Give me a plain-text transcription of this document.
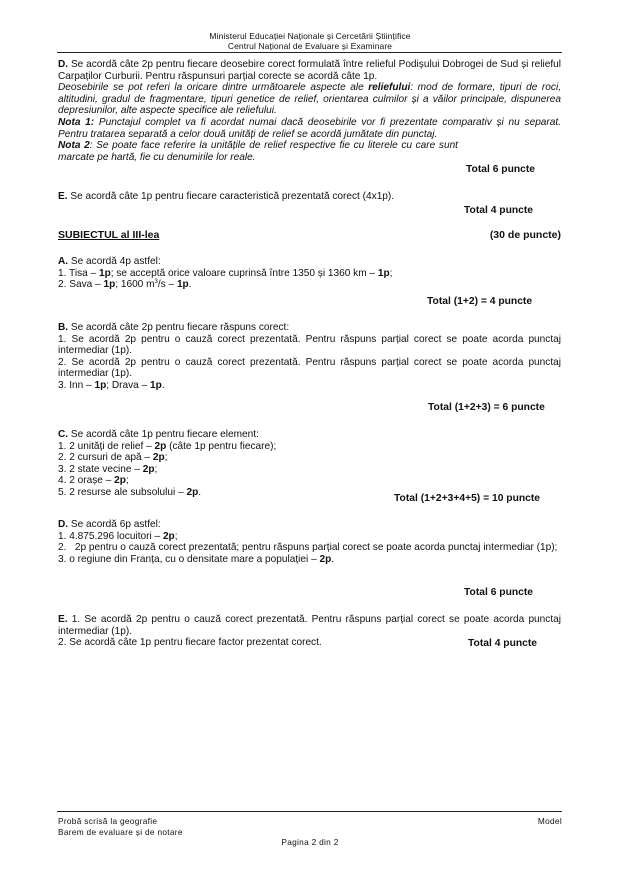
Ministerul Educației Naționale și Cercetării Științifice
Centrul Național de Evaluare și Examinare
D. Se acordă câte 2p pentru fiecare deosebire corect formulată între relieful Podișului Dobrogei de Sud și relieful Carpaților Curburii. Pentru răspunsuri parțial corecte se acordă câte 1p.
Deosebirile se pot referi la oricare dintre următoarele aspecte ale reliefului: mod de formare, tipuri de roci, altitudini, gradul de fragmentare, tipuri genetice de relief, orientarea culmilor și a văilor principale, dispunerea depresiunilor, alte aspecte specifice ale reliefului.
Nota 1: Punctajul complet va fi acordat numai dacă deosebirile vor fi prezentate comparativ și nu separat. Pentru tratarea separată a celor două unități de relief se acordă jumătate din punctaj.
Nota 2: Se poate face referire la unitățile de relief respective fie cu literele cu care sunt marcate pe hartă, fie cu denumirile lor reale.
Total 6 puncte
E. Se acordă câte 1p pentru fiecare caracteristică prezentată corect (4x1p).
Total 4 puncte
SUBIECTUL al III-lea	(30 de puncte)
A. Se acordă 4p astfel:
1. Tisa – 1p; se acceptă orice valoare cuprinsă între 1350 și 1360 km – 1p;
2. Sava – 1p; 1600 $m^3/s - 1p$.
Total (1+2) = 4 puncte
B. Se acordă câte 2p pentru fiecare răspuns corect:
1. Se acordă 2p pentru o cauză corect prezentată. Pentru răspuns parțial corect se poate acorda punctaj intermediar (1p).
2. Se acordă 2p pentru o cauză corect prezentată. Pentru răspuns parțial corect se poate acorda punctaj intermediar (1p).
3. Inn – 1p; Drava – 1p.
Total (1+2+3) = 6 puncte
C. Se acordă câte 1p pentru fiecare element:
1. 2 unități de relief – 2p (câte 1p pentru fiecare);
2. 2 cursuri de apă – 2p;
3. 2 state vecine – 2p;
4. 2 orașe – 2p;
5. 2 resurse ale subsolului – 2p.
Total (1+2+3+4+5) = 10 puncte
D. Se acordă 6p astfel:
1. 4.875.296 locuitori – 2p;
2.   2p pentru o cauză corect prezentată; pentru răspuns parțial corect se poate acorda punctaj intermediar (1p);
3. o regiune din Franța, cu o densitate mare a populației – 2p.
Total 6 puncte
E. 1. Se acordă 2p pentru o cauză corect prezentată. Pentru răspuns parțial corect se poate acorda punctaj intermediar (1p).
2. Se acordă câte 1p pentru fiecare factor prezentat corect.	Total 4 puncte
Probă scrisă la geografie
Barem de evaluare și de notare
Model
Pagina 2 din 2
